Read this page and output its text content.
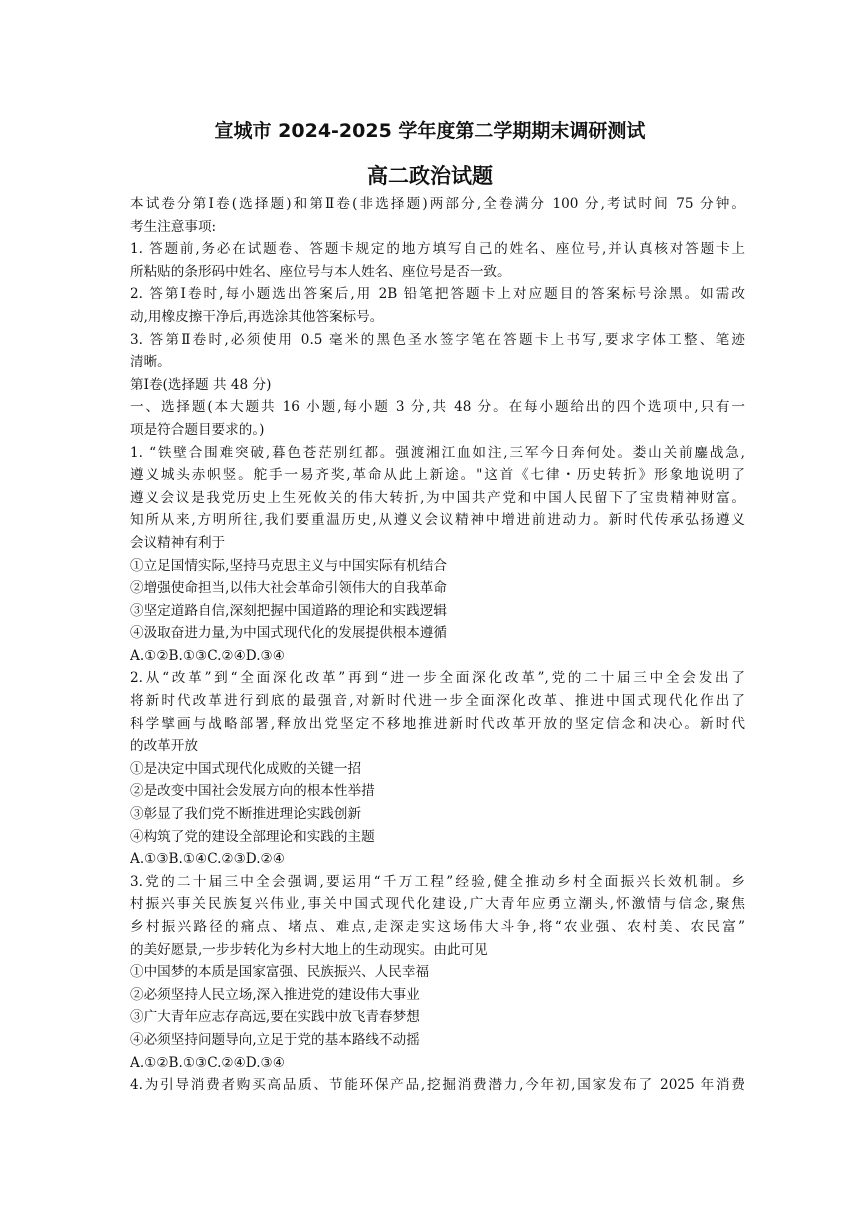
宣城市 2024-2025 学年度第二学期期末调研测试
高二政治试题
本试卷分第Ⅰ卷(选择题)和第Ⅱ卷(非选择题)两部分,全卷满分 100 分,考试时间 75 分钟。
考生注意事项:
1. 答题前,务必在试题卷、答题卡规定的地方填写自己的姓名、座位号,并认真核对答题卡上
所粘贴的条形码中姓名、座位号与本人姓名、座位号是否一致。
2. 答第Ⅰ卷时,每小题选出答案后,用 2B 铅笔把答题卡上对应题目的答案标号涂黑。如需改
动,用橡皮擦干净后,再选涂其他答案标号。
3. 答第Ⅱ卷时,必须使用 0.5 毫米的黑色圣水签字笔在答题卡上书写,要求字体工整、笔迹
清晰。
第Ⅰ卷(选择题 共 48 分)
一、选择题(本大题共 16 小题,每小题 3 分,共 48 分。在每小题给出的四个选项中,只有一
项是符合题目要求的。)
1. “铁壁合围难突破,暮色苍茫别红都。强渡湘江血如注,三军今日奔何处。娄山关前鏖战急,
遵义城头赤帜竖。舵手一易齐奖,革命从此上新途。"这首《七律・历史转折》形象地说明了
遵义会议是我党历史上生死攸关的伟大转折,为中国共产党和中国人民留下了宝贵精神财富。
知所从来,方明所往,我们要重温历史,从遵义会议精神中增进前进动力。新时代传承弘扬遵义
会议精神有利于
①立足国情实际,坚持马克思主义与中国实际有机结合
②增强使命担当,以伟大社会革命引领伟大的自我革命
③坚定道路自信,深刻把握中国道路的理论和实践逻辑
④汲取奋进力量,为中国式现代化的发展提供根本遵循
A.①②B.①③C.②④D.③④
2.从“改革”到“全面深化改革”再到“进一步全面深化改革”,党的二十届三中全会发出了
将新时代改革进行到底的最强音,对新时代进一步全面深化改革、推进中国式现代化作出了
科学擘画与战略部署,释放出党坚定不移地推进新时代改革开放的坚定信念和决心。新时代
的改革开放
①是决定中国式现代化成败的关键一招
②是改变中国社会发展方向的根本性举措
③彰显了我们党不断推进理论实践创新
④构筑了党的建设全部理论和实践的主题
A.①③B.①④C.②③D.②④
3.党的二十届三中全会强调,要运用“千万工程”经验,健全推动乡村全面振兴长效机制。乡
村振兴事关民族复兴伟业,事关中国式现代化建设,广大青年应勇立潮头,怀激情与信念,聚焦
乡村振兴路径的痛点、堵点、难点,走深走实这场伟大斗争,将“农业强、农村美、农民富”
的美好愿景,一步步转化为乡村大地上的生动现实。由此可见
①中国梦的本质是国家富强、民族振兴、人民幸福
②必须坚持人民立场,深入推进党的建设伟大事业
③广大青年应志存高远,要在实践中放飞青春梦想
④必须坚持问题导向,立足于党的基本路线不动摇
A.①②B.①③C.②④D.③④
4.为引导消费者购买高品质、节能环保产品,挖掘消费潜力,今年初,国家发布了 2025 年消费
